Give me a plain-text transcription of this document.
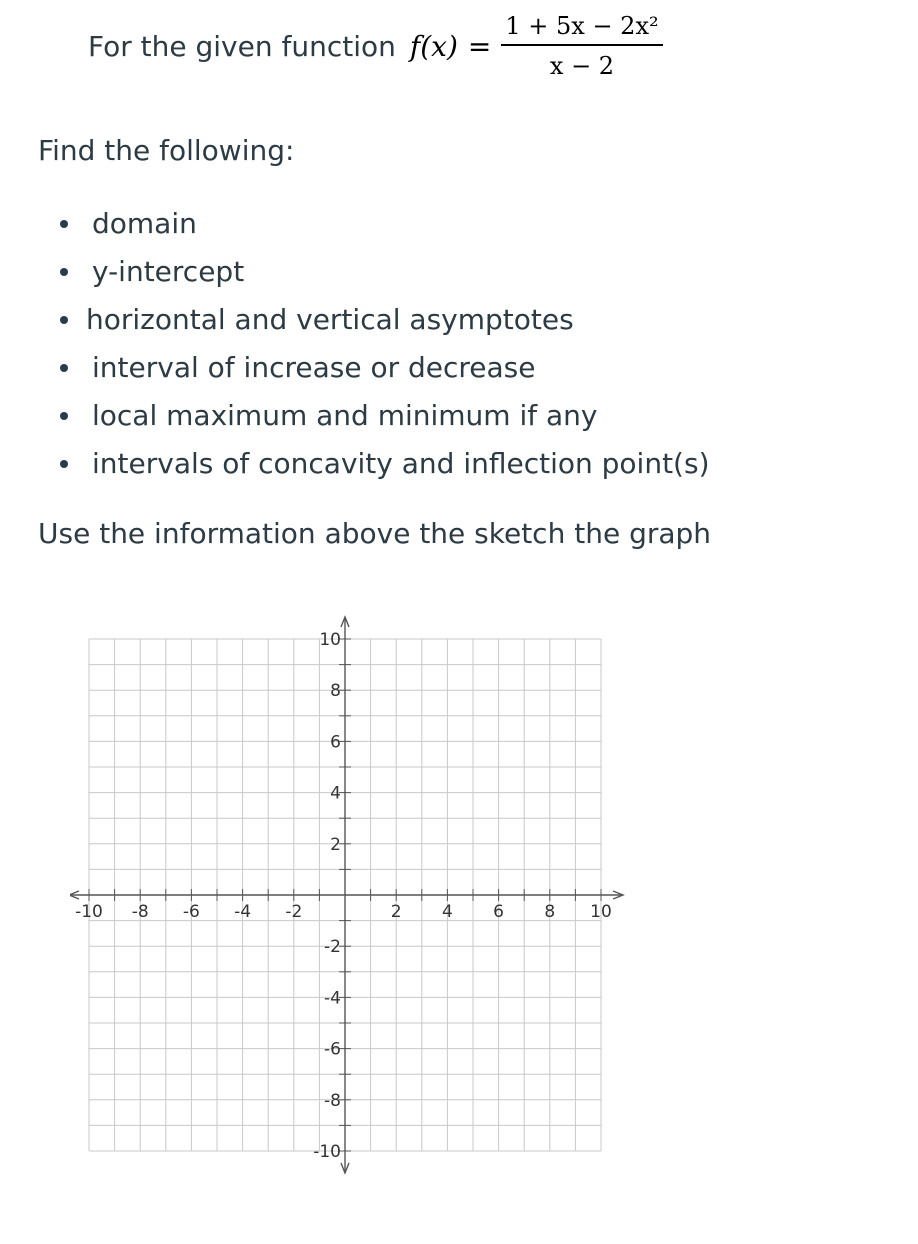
For the given function $f(x) = \frac{\text{1 + 5x − 2x²}}{x - 2}$

Find the following:

domain
y-intercept
horizontal and vertical asymptotes
interval of increase or decrease
local maximum and minimum if any
intervals of concavity and inflection point(s)

Use the information above the sketch the graph

-10 -8 -6 -4 -2	2 4 6 8 10
10
8
6
4
2
-2
-4
-6
-8
-10
